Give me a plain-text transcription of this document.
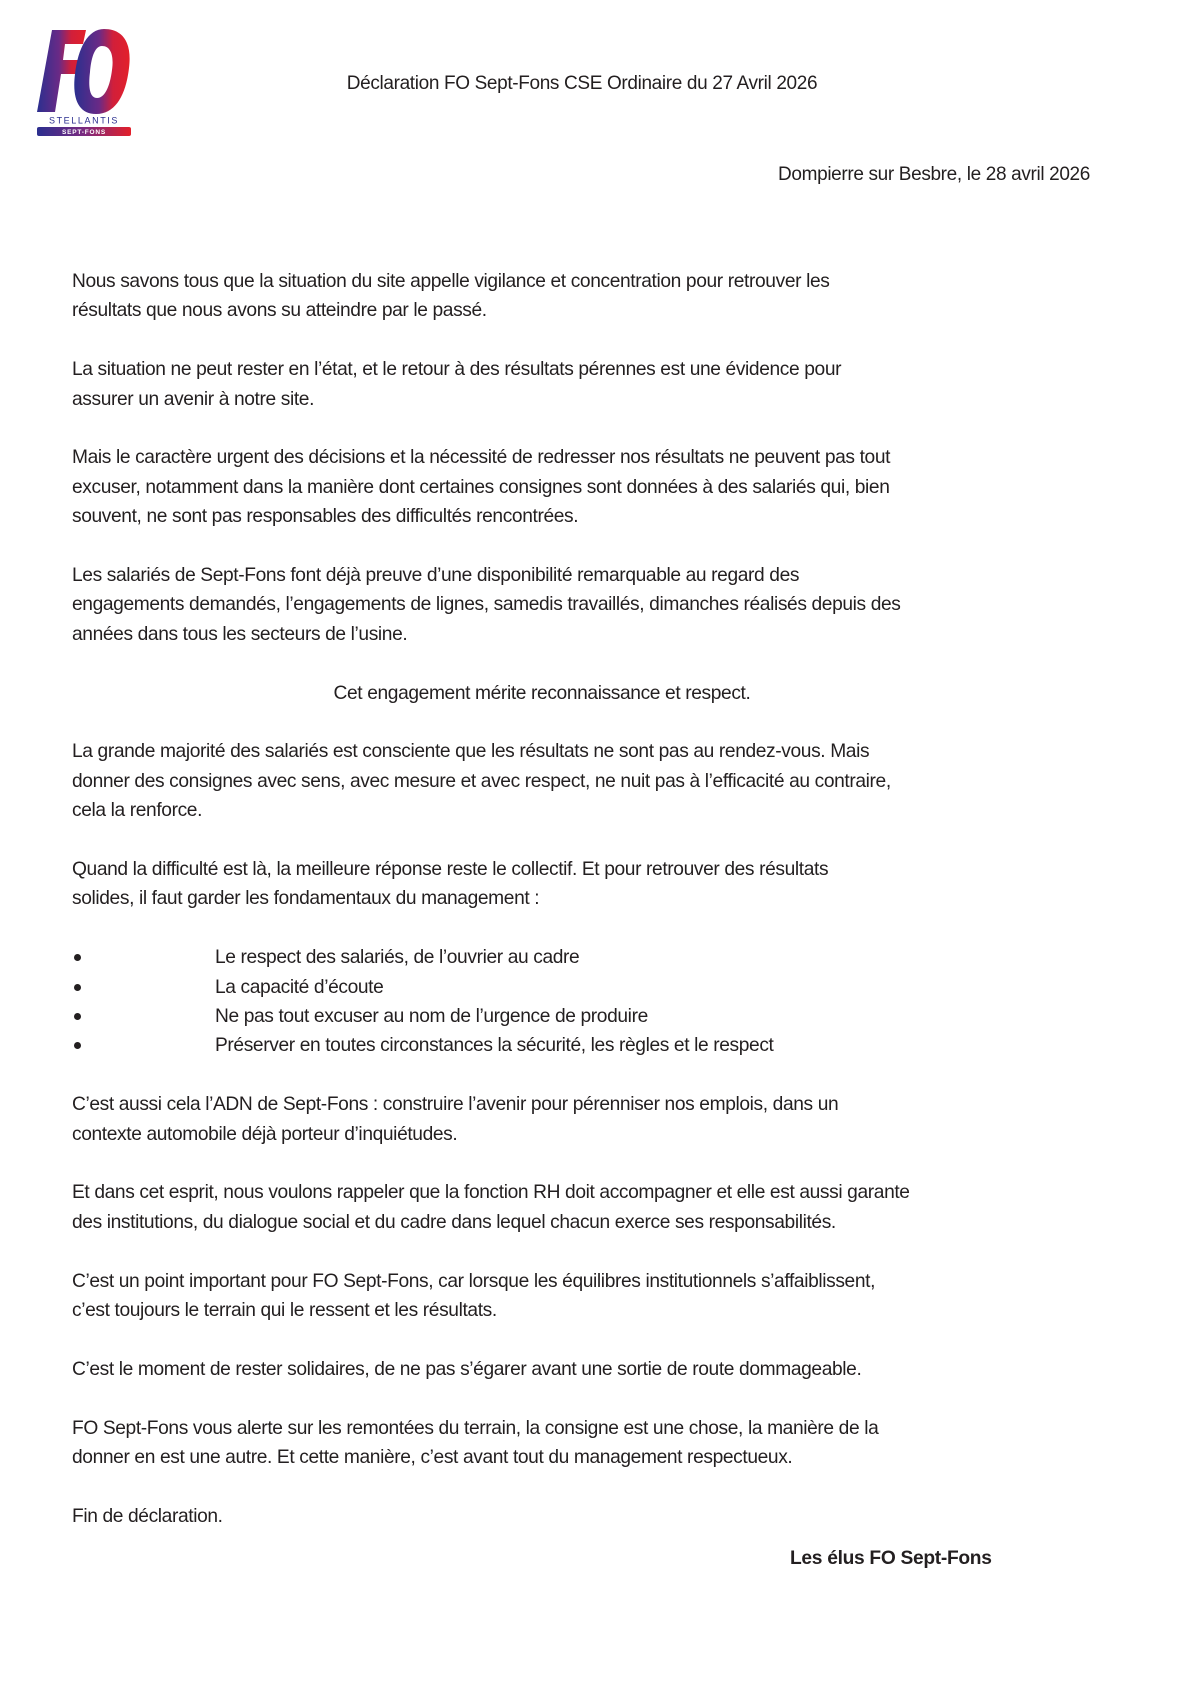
STELLANTIS
SEPT-FONS
Déclaration FO Sept-Fons CSE Ordinaire du 27 Avril 2026
Dompierre sur Besbre, le 28 avril 2026

Nous savons tous que la situation du site appelle vigilance et concentration pour retrouver les
résultats que nous avons su atteindre par le passé.

La situation ne peut rester en l’état, et le retour à des résultats pérennes est une évidence pour
assurer un avenir à notre site.

Mais le caractère urgent des décisions et la nécessité de redresser nos résultats ne peuvent pas tout
excuser, notamment dans la manière dont certaines consignes sont données à des salariés qui, bien
souvent, ne sont pas responsables des difficultés rencontrées.

Les salariés de Sept-Fons font déjà preuve d’une disponibilité remarquable au regard des
engagements demandés, l’engagements de lignes, samedis travaillés, dimanches réalisés depuis des
années dans tous les secteurs de l’usine.

Cet engagement mérite reconnaissance et respect.

La grande majorité des salariés est consciente que les résultats ne sont pas au rendez-vous. Mais
donner des consignes avec sens, avec mesure et avec respect, ne nuit pas à l’efficacité au contraire,
cela la renforce.

Quand la difficulté est là, la meilleure réponse reste le collectif. Et pour retrouver des résultats
solides, il faut garder les fondamentaux du management :

Le respect des salariés, de l’ouvrier au cadre
La capacité d’écoute
Ne pas tout excuser au nom de l’urgence de produire
Préserver en toutes circonstances la sécurité, les règles et le respect

C’est aussi cela l’ADN de Sept-Fons : construire l’avenir pour pérenniser nos emplois, dans un
contexte automobile déjà porteur d’inquiétudes.

Et dans cet esprit, nous voulons rappeler que la fonction RH doit accompagner et elle est aussi garante
des institutions, du dialogue social et du cadre dans lequel chacun exerce ses responsabilités.

C’est un point important pour FO Sept-Fons, car lorsque les équilibres institutionnels s’affaiblissent,
c’est toujours le terrain qui le ressent et les résultats.

C’est le moment de rester solidaires, de ne pas s’égarer avant une sortie de route dommageable.

FO Sept-Fons vous alerte sur les remontées du terrain, la consigne est une chose, la manière de la
donner en est une autre. Et cette manière, c’est avant tout du management respectueux.

Fin de déclaration.

Les élus FO Sept-Fons
